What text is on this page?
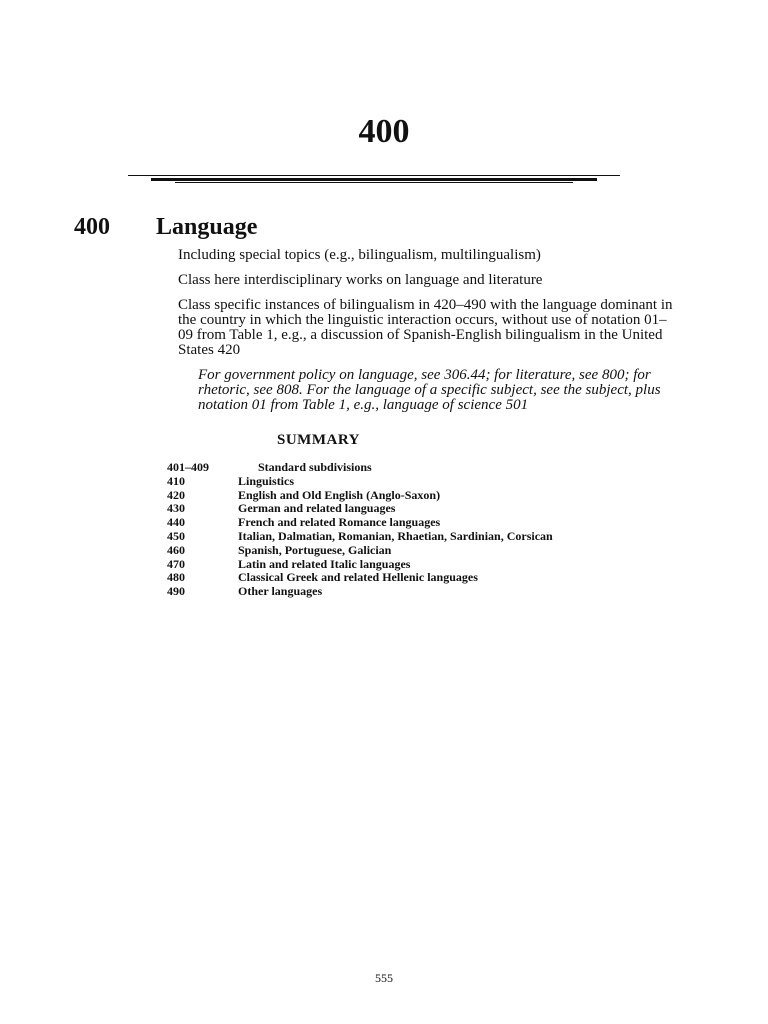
400
400 Language
Including special topics (e.g., bilingualism, multilingualism)
Class here interdisciplinary works on language and literature
Class specific instances of bilingualism in 420–490 with the language dominant in the country in which the linguistic interaction occurs, without use of notation 01–09 from Table 1, e.g., a discussion of Spanish-English bilingualism in the United States 420
For government policy on language, see 306.44; for literature, see 800; for rhetoric, see 808. For the language of a specific subject, see the subject, plus notation 01 from Table 1, e.g., language of science 501
SUMMARY
401–409	Standard subdivisions
410	Linguistics
420	English and Old English (Anglo-Saxon)
430	German and related languages
440	French and related Romance languages
450	Italian, Dalmatian, Romanian, Rhaetian, Sardinian, Corsican
460	Spanish, Portuguese, Galician
470	Latin and related Italic languages
480	Classical Greek and related Hellenic languages
490	Other languages
555
